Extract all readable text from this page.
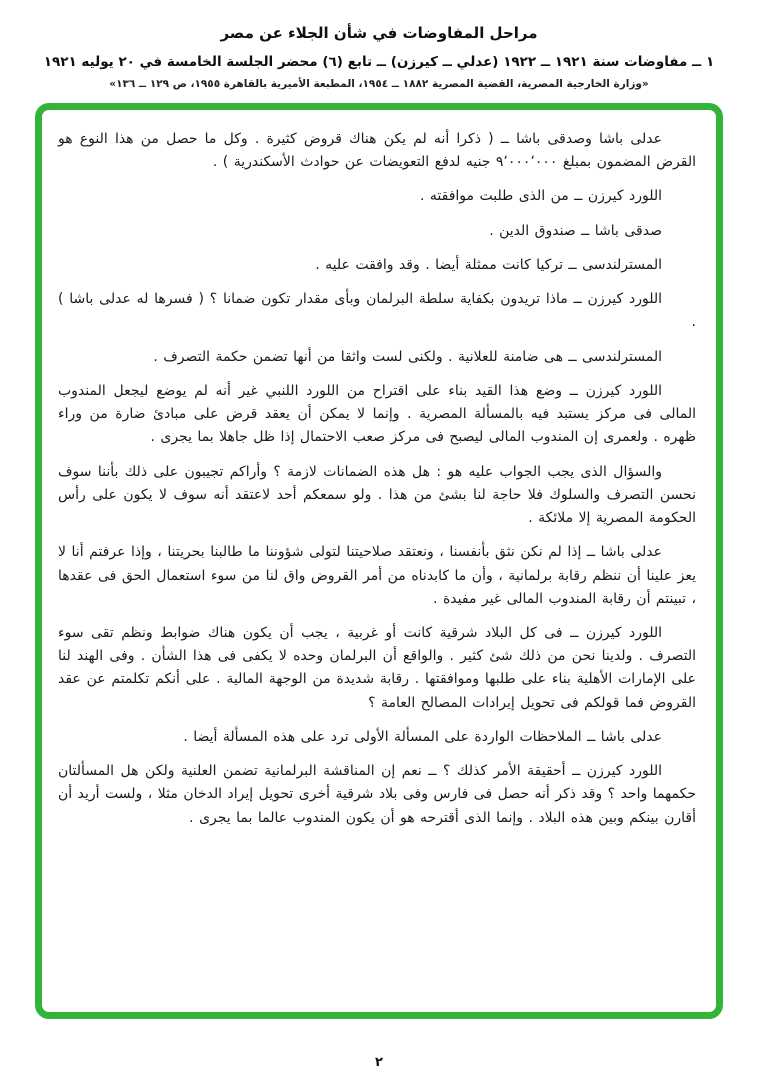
مراحل المفاوضات في شأن الجلاء عن مصر
١ ــ مفاوضات سنة ١٩٢١ ــ ١٩٢٢ (عدلي ــ كيرزن) ــ تابع (٦) محضر الجلسة الخامسة في ٢٠ يوليه ١٩٢١
«وزارة الخارجية المصرية، القضية المصرية ١٨٨٢ ــ ١٩٥٤، المطبعة الأميرية بالقاهرة ١٩٥٥، ص ١٢٩ ــ ١٣٦»

عدلى باشا وصدقى باشا ــ ( ذكرا أنه لم يكن هناك قروض كثيرة . وكل ما حصل من هذا النوع هو القرض المضمون بمبلغ ٩٬٠٠٠٬٠٠٠ جنيه لدفع التعويضات عن حوادث الأسكندرية ) .

اللورد كيرزن ــ من الذى طلبت موافقته .

صدقى باشا ــ صندوق الدين .

المسترلندسى ــ تركيا كانت ممثلة أيضا . وقد وافقت عليه .

اللورد كيرزن ــ ماذا تريدون بكفاية سلطة البرلمان وبأى مقدار تكون ضمانا ؟ ( فسرها له عدلى باشا ) .

المسترلندسى ــ هى ضامنة للعلانية . ولكنى لست واثقا من أنها تضمن حكمة التصرف .

اللورد كيرزن ــ وضع هذا القيد بناء على اقتراح من اللورد اللنبي غير أنه لم يوضع ليجعل المندوب المالى فى مركز يستبد فيه بالمسألة المصرية . وإنما لا يمكن أن يعقد قرض على مبادئ ضارة من وراء ظهره . ولعمرى إن المندوب المالى ليصبح فى مركز صعب الاحتمال إذا ظل جاهلا بما يجرى .

والسؤال الذى يجب الجواب عليه هو : هل هذه الضمانات لازمة ؟ وأراكم تجيبون على ذلك بأننا سوف نحسن التصرف والسلوك فلا حاجة لنا بشئ من هذا . ولو سمعكم أحد لاعتقد أنه سوف لا يكون على رأس الحكومة المصرية إلا ملائكة .

عدلى باشا ــ إذا لم نكن نثق بأنفسنا ، ونعتقد صلاحيتنا لتولى شؤوننا ما طالبنا بحريتنا ، وإذا عرفتم أنا لا يعز علينا أن ننظم رقابة برلمانية ، وأن ما كابدناه من أمر القروض واق لنا من سوء استعمال الحق فى عقدها ، تبينتم أن رقابة المندوب المالى غير مفيدة .

اللورد كيرزن ــ فى كل البلاد شرقية كانت أو غربية ، يجب أن يكون هناك ضوابط ونظم تقى سوء التصرف . ولدينا نحن من ذلك شئ كثير . والواقع أن البرلمان وحده لا يكفى فى هذا الشأن . وفى الهند لنا على الإمارات الأهلية بناء على طلبها وموافقتها . رقابة شديدة من الوجهة المالية . على أنكم تكلمتم عن عقد القروض فما قولكم فى تحويل إيرادات المصالح العامة ؟

عدلى باشا ــ الملاحظات الواردة على المسألة الأولى ترد على هذه المسألة أيضا .

اللورد كيرزن ــ أحقيقة الأمر كذلك ؟ ــ نعم إن المناقشة البرلمانية تضمن العلنية ولكن هل المسألتان حكمهما واحد ؟ وقد ذكر أنه حصل فى فارس وفى بلاد شرقية أخرى تحويل إيراد الدخان مثلا ، ولست أريد أن أقارن بينكم وبين هذه البلاد . وإنما الذى أقترحه هو أن يكون المندوب عالما بما يجرى .

٢
